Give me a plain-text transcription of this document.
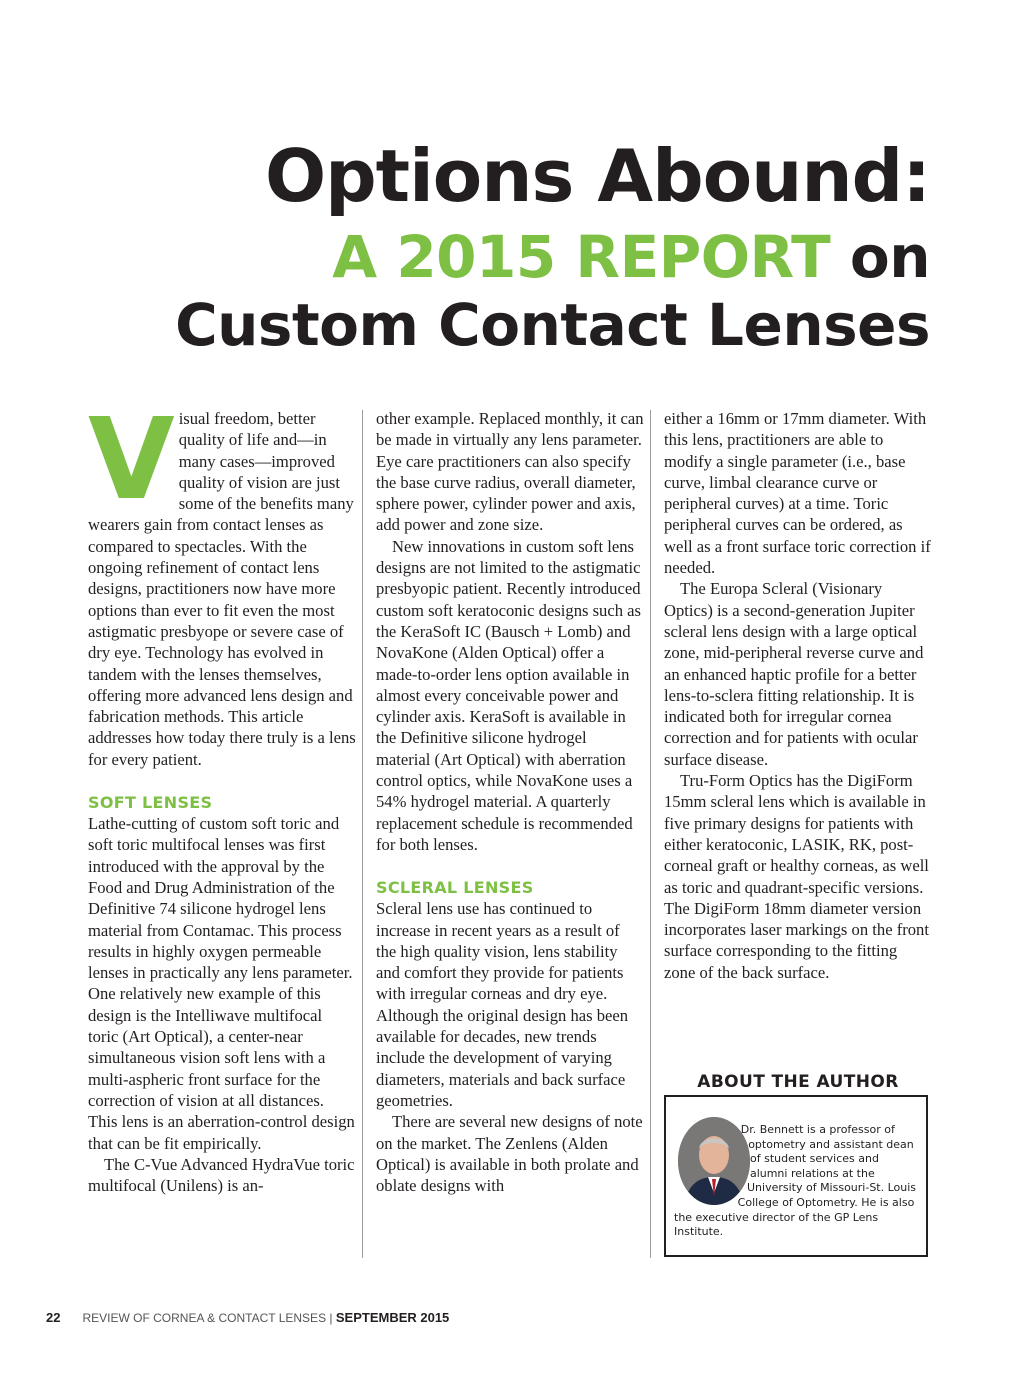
Options Abound:
A 2015 REPORT on
Custom Contact Lenses

Visual freedom, better quality of life and—in many cases—improved quality of vision are just some of the benefits many wearers gain from contact lenses as compared to spectacles. With the ongoing refinement of contact lens designs, practitioners now have more options than ever to fit even the most astigmatic presbyope or severe case of dry eye. Technology has evolved in tandem with the lenses themselves, offering more advanced lens design and fabrication methods. This article addresses how today there truly is a lens for every patient.

SOFT LENSES

Lathe-cutting of custom soft toric and soft toric multifocal lenses was first introduced with the approval by the Food and Drug Administration of the Definitive 74 silicone hydrogel lens material from Contamac. This process results in highly oxygen permeable lenses in practically any lens parameter. One relatively new example of this design is the Intelliwave multifocal toric (Art Optical), a center-near simultaneous vision soft lens with a multi-aspheric front surface for the correction of vision at all distances. This lens is an aberration-control design that can be fit empirically.

The C-Vue Advanced HydraVue toric multifocal (Unilens) is an-

other example. Replaced monthly, it can be made in virtually any lens parameter. Eye care practitioners can also specify the base curve radius, overall diameter, sphere power, cylinder power and axis, add power and zone size.

New innovations in custom soft lens designs are not limited to the astigmatic presbyopic patient. Recently introduced custom soft keratoconic designs such as the KeraSoft IC (Bausch + Lomb) and NovaKone (Alden Optical) offer a made-to-order lens option available in almost every conceivable power and cylinder axis. KeraSoft is available in the Definitive silicone hydrogel material (Art Optical) with aberration control optics, while NovaKone uses a 54% hydrogel material. A quarterly replacement schedule is recommended for both lenses.

SCLERAL LENSES

Scleral lens use has continued to increase in recent years as a result of the high quality vision, lens stability and comfort they provide for patients with irregular corneas and dry eye. Although the original design has been available for decades, new trends include the development of varying diameters, materials and back surface geometries.

There are several new designs of note on the market. The Zenlens (Alden Optical) is available in both prolate and oblate designs with

either a 16mm or 17mm diameter. With this lens, practitioners are able to modify a single parameter (i.e., base curve, limbal clearance curve or peripheral curves) at a time. Toric peripheral curves can be ordered, as well as a front surface toric correction if needed.

The Europa Scleral (Visionary Optics) is a second-generation Jupiter scleral lens design with a large optical zone, mid-peripheral reverse curve and an enhanced haptic profile for a better lens-to-sclera fitting relationship. It is indicated both for irregular cornea correction and for patients with ocular surface disease.

Tru-Form Optics has the DigiForm 15mm scleral lens which is available in five primary designs for patients with either keratoconic, LASIK, RK, post-corneal graft or healthy corneas, as well as toric and quadrant-specific versions. The DigiForm 18mm diameter version incorporates laser markings on the front surface corresponding to the fitting zone of the back surface.

ABOUT THE AUTHOR
Dr. Bennett is a professor of optometry and assistant dean of student services and alumni relations at the University of Missouri-St. Louis College of Optometry. He is also the executive director of the GP Lens Institute.
22 REVIEW OF CORNEA & CONTACT LENSES | SEPTEMBER 2015
